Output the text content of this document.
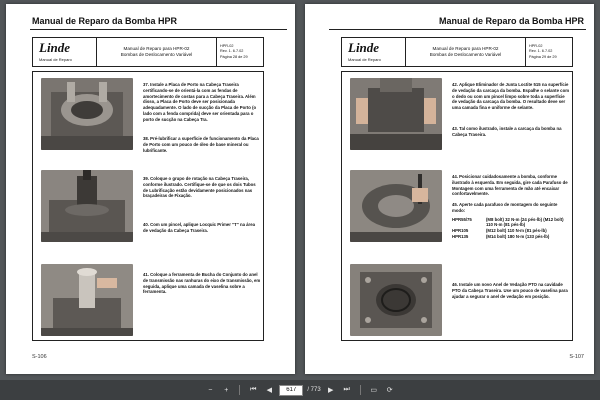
Manual de Reparo da Bomba HPR
Linde
Manual de Reparo
Manual de Reparo para HPR-02
Bombas de Deslocamento Variável
HPR-02
Rev. 1. 6.7.02
Página 28 de 29
37. Instale a Placa de Porto na Cabeça Traseira certificando-se de orientá-la com as fendas de amortecimento de costas para a Cabeça Traseira. Além disso, a Placa de Porto deve ser posicionada adequadamente. O lado de sucção da Placa de Porto (o lado com a fenda comprida) deve ser orientada para o porto de sucção na Cabeça Tra.
38. Pré-lubrificar a superfície de funcionamento da Placa de Porto com um pouco de óleo de base mineral ou lubrificante.
39. Coloque o grupo de rotação na Cabeça Traseira, conforme ilustrado. Certifique-se de que os dois Tubos de Lubrificação estão devidamente posicionados nas braçadeiras de Fixação.
40. Com um pincel, aplique Locquic Primer "T" na área de vedação da Cabeça Traseira.
41. Coloque a ferramenta de Bucha do Conjunto do anel de transmissão nas ranhuras do eixo de transmissão, em seguida, aplique uma camada de vaselina sobre a ferramenta.
S-106
Manual de Reparo da Bomba HPR
Linde
Manual de Reparo
Manual de Reparo para HPR-02
Bombas de Deslocamento Variável
HPR-02
Rev. 1. 6.7.02
Página 29 de 29
42. Aplique Eliminador de Junta Loctite 515 na superfície de vedação da carcaça da bomba. Espalhe o selante com o dedo ou com um pincel limpo sobre toda a superfície de vedação da carcaça da bomba. O resultado deve ser uma camada fina e uniforme de selante.
43. Tal como ilustrado, instale a carcaça da bomba na Cabeça Traseira.
44. Posicionar cuidadosamente a bomba, conforme ilustrado à esquerda. Em seguida, gire cada Parafuso de Montagem com uma ferramenta de mão até encaixar confortavelmente.
45. Aperte cada parafuso de montagem do seguinte modo:
HPR55/75	(M8 bolt) 32 N-m (24 pés-lb) (M12 bolt) 110 N-m (81 pés-lb)
HPR105	(M12 bolt) 110 N-m (81 pés-lb)
HPR135	(M14 bolt) 180 N-m (133 pés-lb)
46. Instale um novo Anel de Vedação PTO na cavidade PTO da Cabeça Traseira. Use um pouco de vaselina para ajudar a segurar o anel de vedação em posição.
S-107
−	+	⏮	◀
617	/ 773	▶	⏭	▭	⟳
